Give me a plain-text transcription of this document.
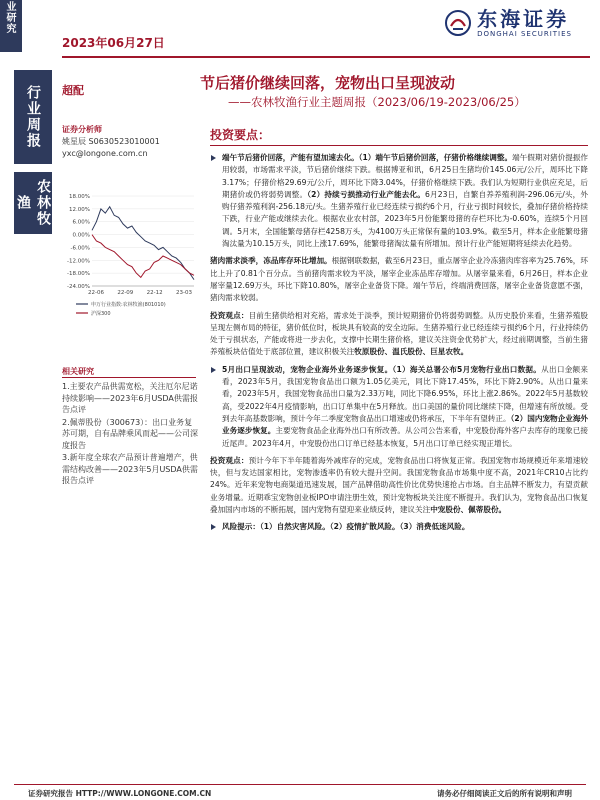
业研究
2023年06月27日
东海证券
DONGHAI SECURITIES
行业周报
农林牧渔
超配	节后猪价继续回落，宠物出口呈现波动
——农林牧渔行业主题周报（2023/06/19-2023/06/25）
证券分析师
姚星辰 S0630523010001
yxc@longone.com.cn
18.00%
12.00%
6.00%
0.00%
-6.00%
-12.00%
-18.00%
-24.00%
22-06 22-09 22-12 23-03
申万行业指数:农林牧渔(801010)
沪深300
相关研究

1.主要农产品供需宽松，关注厄尔尼诺持续影响——2023年6月USDA供需报告点评

2.佩蒂股份（300673）：出口业务复苏可期，自有品牌乘风而起——公司深度报告

3.新年度全球农产品预计普遍增产，供需结构改善——2023年5月USDA供需报告点评

投资要点：

端午节后猪价回落，产能有望加速去化。（1）端午节后猪价回落，仔猪价格继续调整。端午假期对猪价提振作用较弱，市场需求平淡，节后猪价继续下跌。根据博亚和讯，6月25日生猪均价145.06元/公斤，周环比下降3.17%；仔猪价格29.69元/公斤，周环比下降3.04%，仔猪价格继续下跌。我们认为短期行业供应充足，后期猪价或仍将弱势调整。（2）持续亏损推动行业产能去化。6月23日，自繁自养养殖利润-296.06元/头，外购仔猪养殖利润-256.18元/头。生猪养殖行业已经连续亏损约6个月，行业亏损时间较长，叠加仔猪价格持续下跌，行业产能或继续去化。根据农业农村部，2023年5月份能繁母猪的存栏环比为-0.60%，连续5个月回调。5月末，全国能繁母猪存栏4258万头，为4100万头正常保有量的103.9%。截至5月，样本企业能繁母猪淘汰量为10.15万头，同比上涨17.69%，能繁母猪淘汰量有所增加。预计行业产能短期将延续去化趋势。

猪肉需求淡季，冻品库存环比增加。根据钢联数据，截至6月23日，重点屠宰企业冷冻猪肉库容率为25.76%，环比上升了0.81个百分点。当前猪肉需求较为平淡，屠宰企业冻品库存增加。从屠宰量来看，6月26日，样本企业屠宰量12.69万头，环比下降10.80%，屠宰企业备货下降。端午节后，终端消费回落，屠宰企业备货意愿不强，猪肉需求较弱。

投资观点：目前生猪供给相对充裕，需求处于淡季，预计短期猪价仍将弱势调整。从历史股价来看，生猪养殖股呈现左侧布局的特征，猪价低位时，板块具有较高的安全边际。生猪养殖行业已经连续亏损约6个月，行业持续仍处于亏损状态，产能或将进一步去化，支撑中长期生猪价格，建议关注资金优势扩大，经过前期调整，当前生猪养殖板块估值处于底部位置，建议积极关注牧原股份、温氏股份、巨星农牧。

5月出口呈现波动，宠物企业海外业务逐步恢复。（1）海关总署公布5月宠物行业出口数据。从出口金额来看，2023年5月，我国宠物食品出口额为1.05亿美元，同比下降17.45%，环比下降2.90%。从出口量来看，2023年5月，我国宠物食品出口量为2.33万吨，同比下降6.95%，环比上涨2.86%。2022年5月基数较高，受2022年4月疫情影响，出口订单集中在5月释放。出口美国的量价同比继续下降，但增速有所放缓。受到去年高基数影响，预计今年二季度宠物食品出口增速或仍将承压，下半年有望转正。（2）国内宠物企业海外业务逐步恢复。主要宠物食品企业海外出口有所改善。从公司公告来看，中宠股份海外客户去库存的现象已接近尾声。2023年4月，中宠股份出口订单已经基本恢复，5月出口订单已经实现正增长。

投资观点：预计今年下半年随着海外减库存的完成，宠物食品出口将恢复正常。我国宠物市场规模近年来增速较快，但与发达国家相比，宠物渗透率仍有较大提升空间。我国宠物食品市场集中度不高，2021年CR10占比约24%。近年来宠物电商渠道迅速发展，国产品牌借助高性价比优势快速抢占市场。自主品牌不断发力，有望贡献业务增量。近期乖宝宠物创业板IPO申请注册生效，预计宠物板块关注度不断提升。我们认为，宠物食品出口恢复叠加国内市场的不断拓展，国内宠物有望迎来业绩反转，建议关注中宠股份、佩蒂股份。

风险提示：（1）自然灾害风险。（2）疫情扩散风险。（3）消费低迷风险。

证券研究报告 HTTP://WWW.LONGONE.COM.CN	请务必仔细阅读正文后的所有说明和声明
